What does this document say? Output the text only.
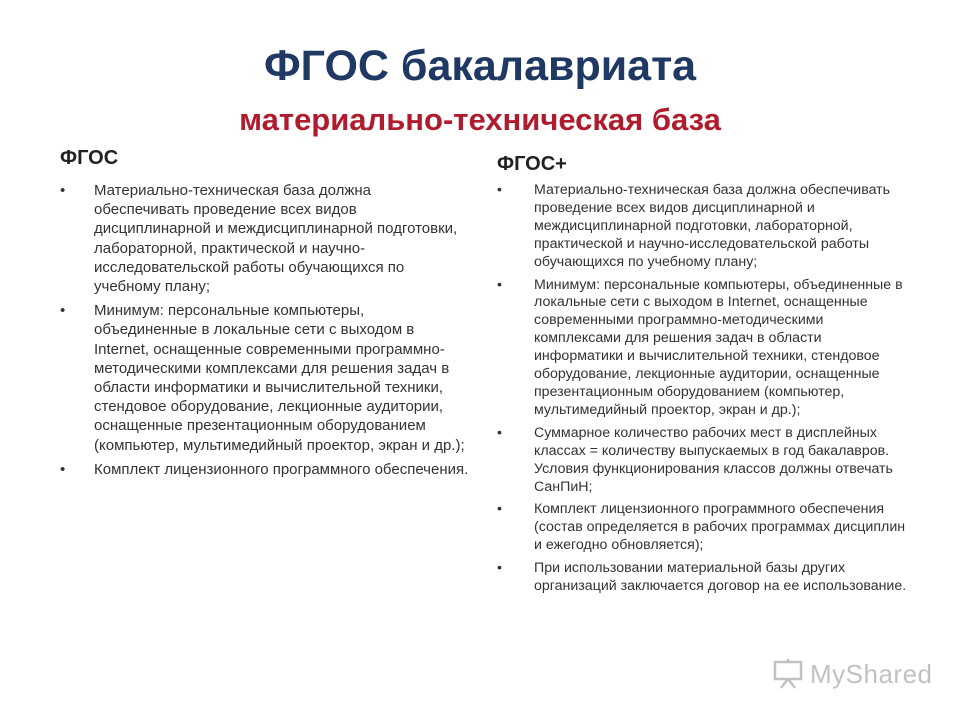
ФГОС бакалавриата
материально-техническая база
ФГОС
• Материально-техническая база должна обеспечивать проведение всех видов дисциплинарной и междисциплинарной подготовки, лабораторной, практической и научно-исследовательской работы обучающихся по учебному плану;
• Минимум: персональные компьютеры, объединенные в локальные сети с выходом в Internet, оснащенные современными программно-методическими комплексами для решения задач в области информатики и вычислительной техники, стендовое оборудование, лекционные аудитории, оснащенные презентационным оборудованием (компьютер, мультимедийный проектор, экран и др.);
• Комплект лицензионного программного обеспечения.
ФГОС+
• Материально-техническая база должна обеспечивать проведение всех видов дисциплинарной и междисциплинарной подготовки, лабораторной, практической и научно-исследовательской работы обучающихся по учебному плану;
• Минимум: персональные компьютеры, объединенные в локальные сети с выходом в Internet, оснащенные современными программно-методическими комплексами для решения задач в области информатики и вычислительной техники, стендовое оборудование, лекционные аудитории, оснащенные презентационным оборудованием (компьютер, мультимедийный проектор, экран и др.);
• Суммарное количество рабочих мест в дисплейных классах = количеству выпускаемых в год бакалавров. Условия функционирования классов должны отвечать СанПиН;
• Комплект лицензионного программного обеспечения (состав определяется в рабочих программах дисциплин и ежегодно обновляется);
• При использовании материальной базы других организаций заключается договор на ее использование.
MyShared
